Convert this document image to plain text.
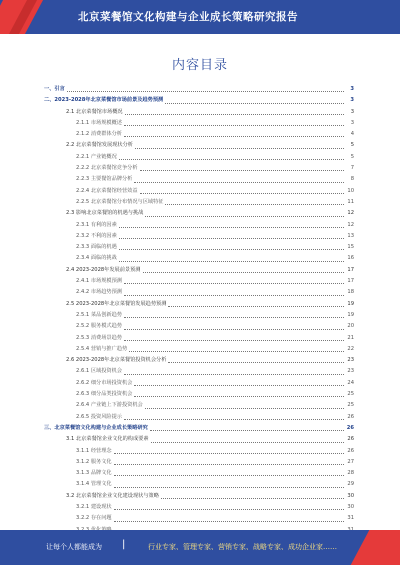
北京菜餐馆文化构建与企业成长策略研究报告
内容目录
一、引言	3
二、2023-2028年北京菜餐馆市场前景及趋势预测	3
2.1 北京菜餐馆市场概况	3
2.1.1 市场规模概述	3
2.1.2 消费群体分析	4
2.2 北京菜餐馆发展现状分析	5
2.2.1 产业链概况	5
2.2.2 北京菜餐馆竞争分析	7
2.2.3 主要餐馆品牌分析	8
2.2.4 北京菜餐馆经营效益	10
2.2.5 北京菜餐馆分布情况与区域特征	11
2.3 影响北京菜餐馆的机遇与挑战	12
2.3.1 有利的因素	12
2.3.2 不利的因素	13
2.3.3 面临的机遇	15
2.3.4 面临的挑战	16
2.4 2023-2028年发展前景预测	17
2.4.1 市场规模预测	17
2.4.2 市场趋势预测	18
2.5 2023-2028年北京菜餐馆发展趋势预测	19
2.5.1 菜品创新趋势	19
2.5.2 服务模式趋势	20
2.5.3 消费场景趋势	21
2.5.4 营销与推广趋势	22
2.6 2023-2028年北京菜餐馆投资机会分析	23
2.6.1 区域投资机会	23
2.6.2 细分市场投资机会	24
2.6.3 细分品类投资机会	25
2.6.4 产业链上下游投资机会	25
2.6.5 投资风险提示	26
三、北京菜餐馆文化构建与企业成长策略研究	26
3.1 北京菜餐馆企业文化的构成要素	26
3.1.1 经营理念	26
3.1.2 服务文化	27
3.1.3 品牌文化	28
3.1.4 管理文化	29
3.2 北京菜餐馆企业文化建设现状与策略	30
3.2.1 建设现状	30
3.2.2 存在问题	31
让每个人都能成为 |	行业专家、管理专家、营销专家、战略专家、成功企业家……
